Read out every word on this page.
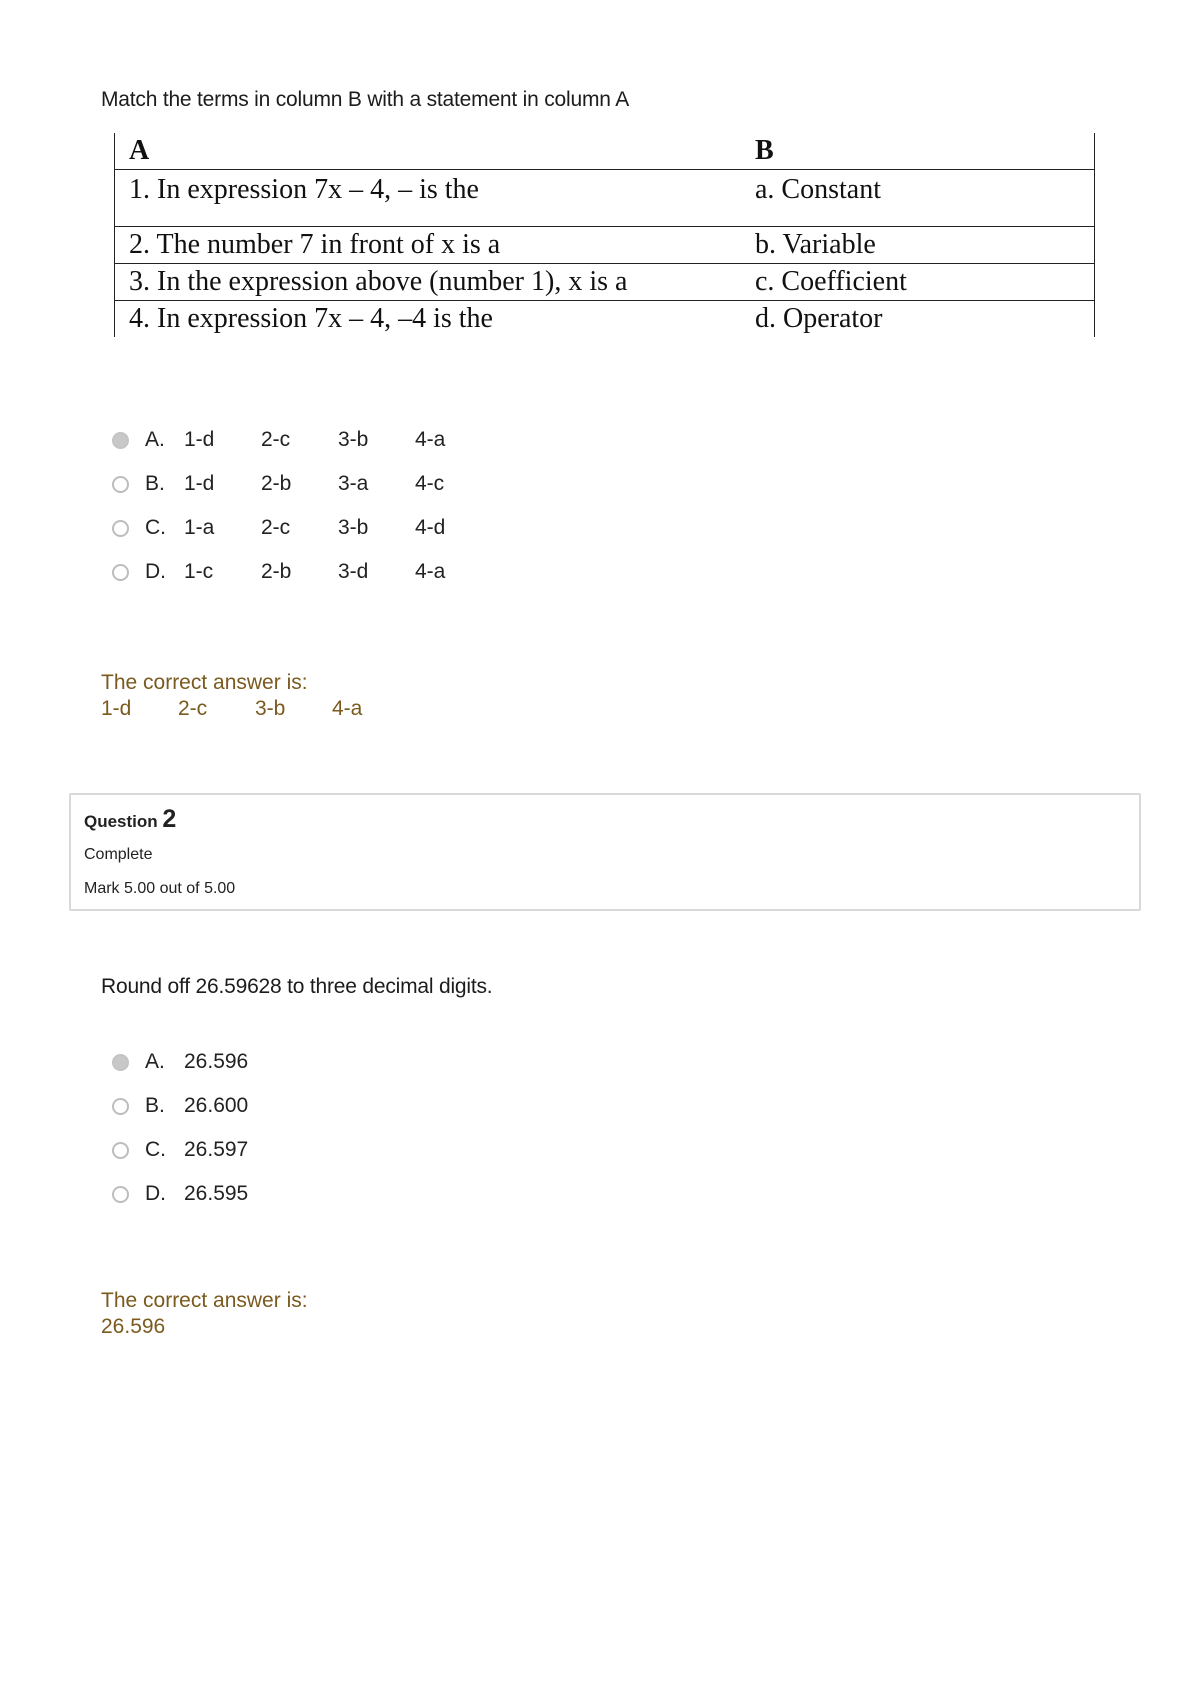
Match the terms in column B with a statement in column A
A	B
1. In expression 7x – 4, – is the	a. Constant
2. The number 7 in front of x is a	b. Variable
3. In the expression above (number 1), x is a	c. Coefficient
4. In expression 7x – 4, –4 is the	d. Operator
A. 1-d	2-c	3-b	4-a
B. 1-d	2-b	3-a	4-c
C. 1-a	2-c	3-b	4-d
D. 1-c	2-b	3-d	4-a
The correct answer is:
1-d 2-c 3-b 4-a
Question 2
Complete
Mark 5.00 out of 5.00
Round off 26.59628 to three decimal digits.
A. 26.596
B. 26.600
C. 26.597
D. 26.595
The correct answer is:
26.596
